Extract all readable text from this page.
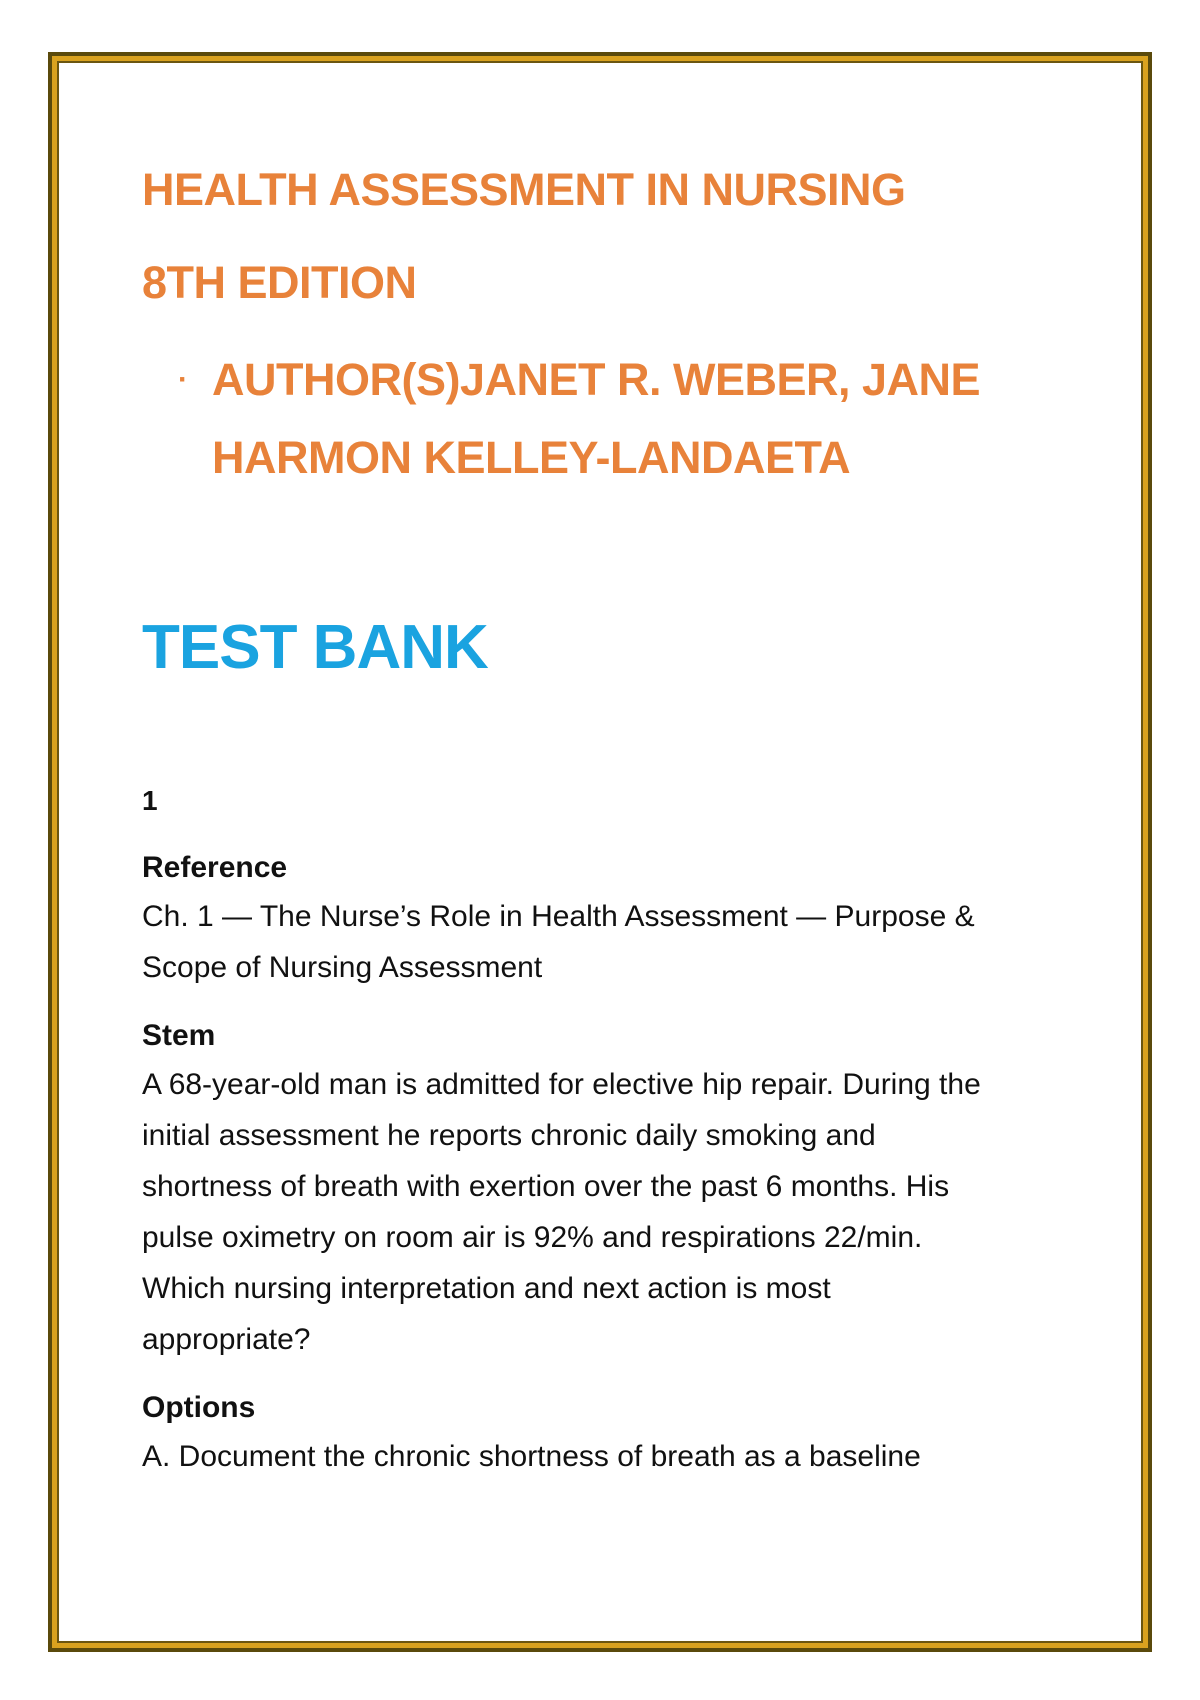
HEALTH ASSESSMENT IN NURSING
8TH EDITION
· AUTHOR(S)JANET R. WEBER, JANE
HARMON KELLEY-LANDAETA
TEST BANK
1
Reference

Ch. 1 — The Nurse’s Role in Health Assessment — Purpose &

Scope of Nursing Assessment

Stem

A 68-year-old man is admitted for elective hip repair. During the

initial assessment he reports chronic daily smoking and

shortness of breath with exertion over the past 6 months. His

pulse oximetry on room air is 92% and respirations 22/min.

Which nursing interpretation and next action is most

appropriate?

Options

A. Document the chronic shortness of breath as a baseline
